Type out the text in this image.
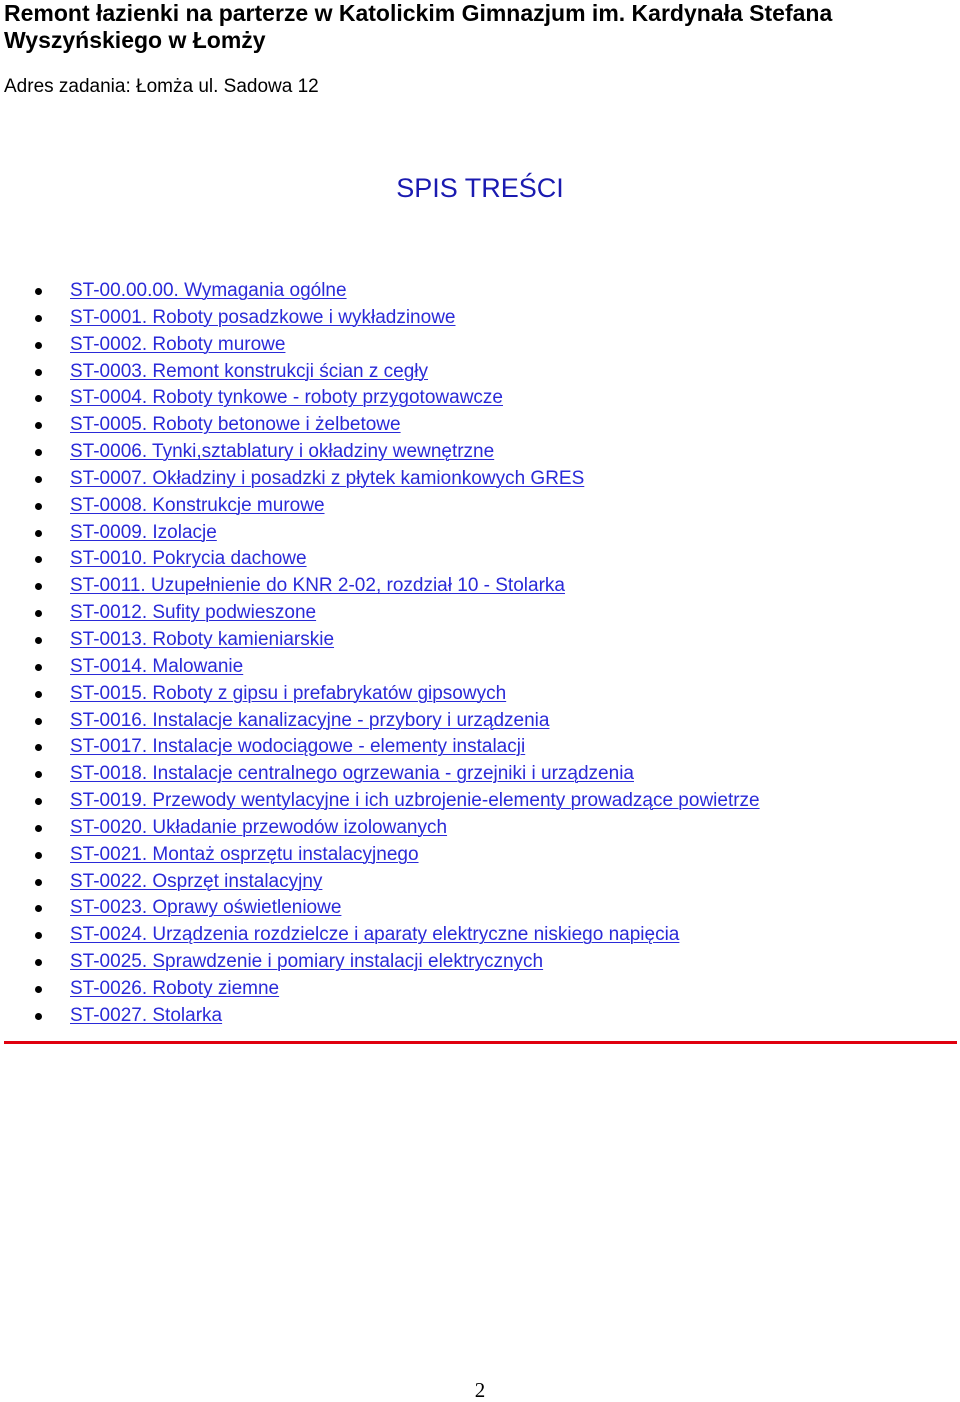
Remont łazienki na parterze w Katolickim Gimnazjum im. Kardynała Stefana Wyszyńskiego w Łomży

Adres zadania: Łomża ul. Sadowa 12

SPIS TREŚCI
ST-00.00.00. Wymagania ogólne
ST-0001. Roboty posadzkowe i wykładzinowe
ST-0002. Roboty murowe
ST-0003. Remont konstrukcji ścian z cegły
ST-0004. Roboty tynkowe - roboty przygotowawcze
ST-0005. Roboty betonowe i żelbetowe
ST-0006. Tynki,sztablatury i okładziny wewnętrzne
ST-0007. Okładziny i posadzki z płytek kamionkowych GRES
ST-0008. Konstrukcje murowe
ST-0009. Izolacje
ST-0010. Pokrycia dachowe
ST-0011. Uzupełnienie do KNR 2-02, rozdział 10 - Stolarka
ST-0012. Sufity podwieszone
ST-0013. Roboty kamieniarskie
ST-0014. Malowanie
ST-0015. Roboty z gipsu i prefabrykatów gipsowych
ST-0016. Instalacje kanalizacyjne - przybory i urządzenia
ST-0017. Instalacje wodociągowe - elementy instalacji
ST-0018. Instalacje centralnego ogrzewania - grzejniki i urządzenia
ST-0019. Przewody wentylacyjne i ich uzbrojenie-elementy prowadzące powietrze
ST-0020. Układanie przewodów izolowanych
ST-0021. Montaż osprzętu instalacyjnego
ST-0022. Osprzęt instalacyjny
ST-0023. Oprawy oświetleniowe
ST-0024. Urządzenia rozdzielcze i aparaty elektryczne niskiego napięcia
ST-0025. Sprawdzenie i pomiary instalacji elektrycznych
ST-0026. Roboty ziemne
ST-0027. Stolarka
2
